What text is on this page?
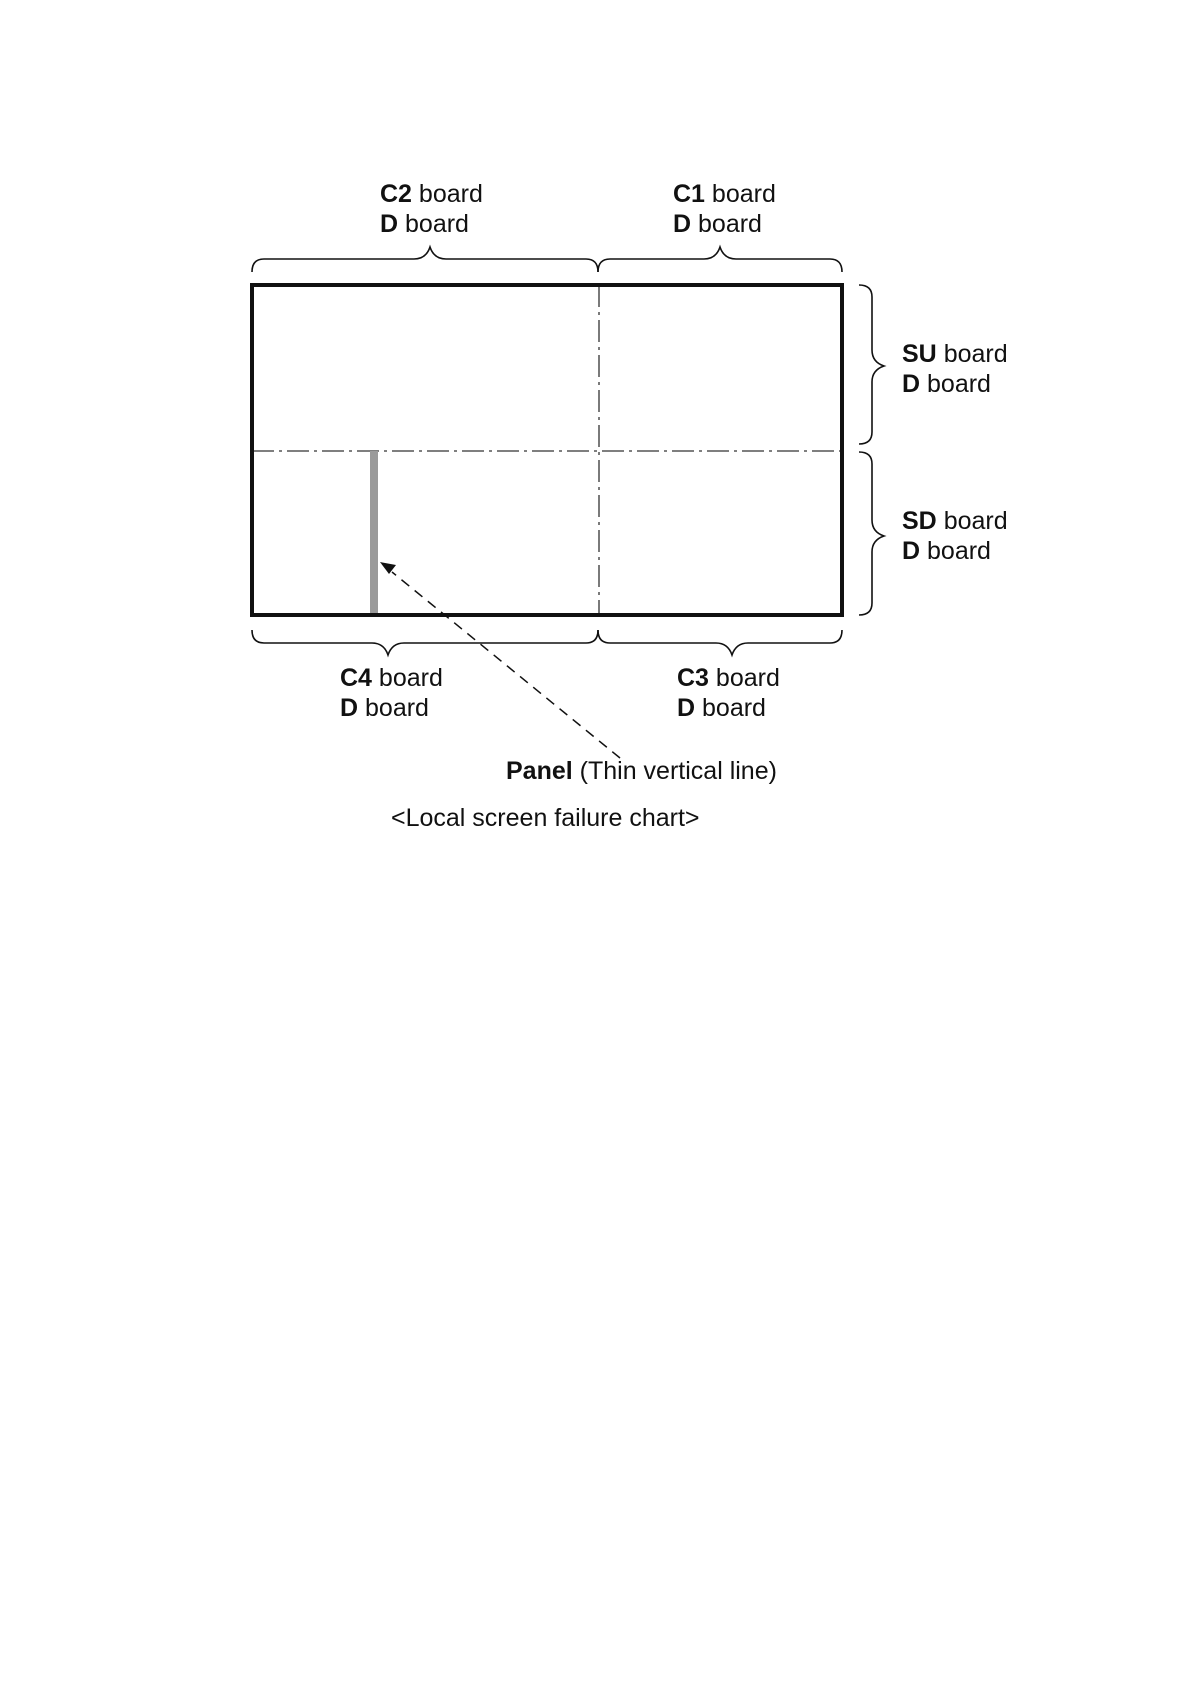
C2 board
D board
C1 board
D board
SU board
D board
SD board
D board
C4 board
D board
C3 board
D board
Panel (Thin vertical line)
<Local screen failure chart>
